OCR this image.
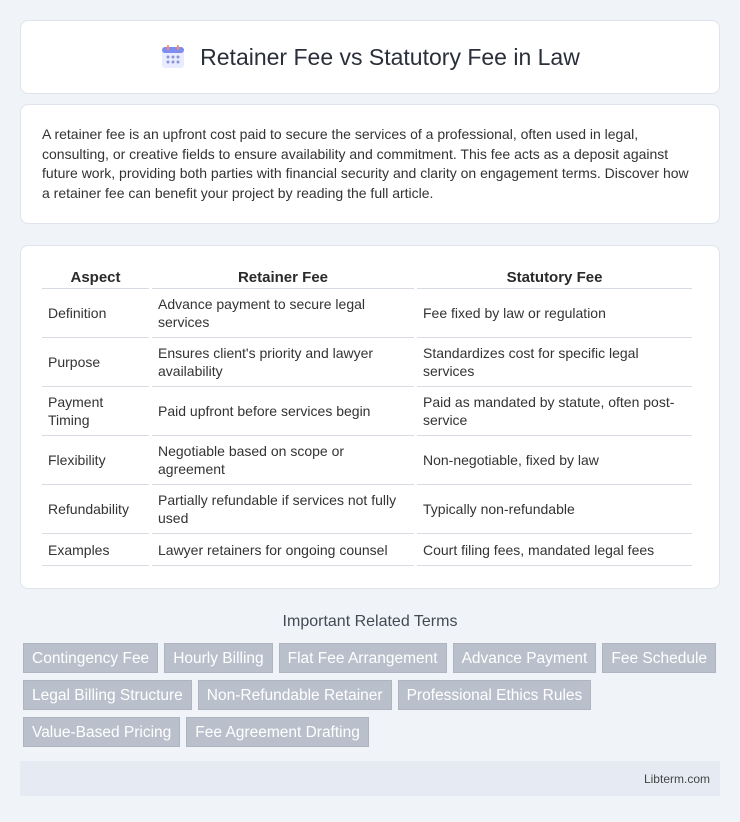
Retainer Fee vs Statutory Fee in Law

A retainer fee is an upfront cost paid to secure the services of a professional, often used in legal, consulting, or creative fields to ensure availability and commitment. This fee acts as a deposit against future work, providing both parties with financial security and clarity on engagement terms. Discover how a retainer fee can benefit your project by reading the full article.

Aspect	Retainer Fee	Statutory Fee
Definition	Advance payment to secure legal services	Fee fixed by law or regulation
Purpose	Ensures client's priority and lawyer availability	Standardizes cost for specific legal services
Payment Timing	Paid upfront before services begin	Paid as mandated by statute, often post-service
Flexibility	Negotiable based on scope or agreement	Non-negotiable, fixed by law
Refundability	Partially refundable if services not fully used	Typically non-refundable
Examples	Lawyer retainers for ongoing counsel	Court filing fees, mandated legal fees
Important Related Terms
Contingency Fee	Hourly Billing	Flat Fee Arrangement	Advance Payment	Fee Schedule
Legal Billing Structure	Non-Refundable Retainer	Professional Ethics Rules
Value-Based Pricing	Fee Agreement Drafting
Libterm.com
